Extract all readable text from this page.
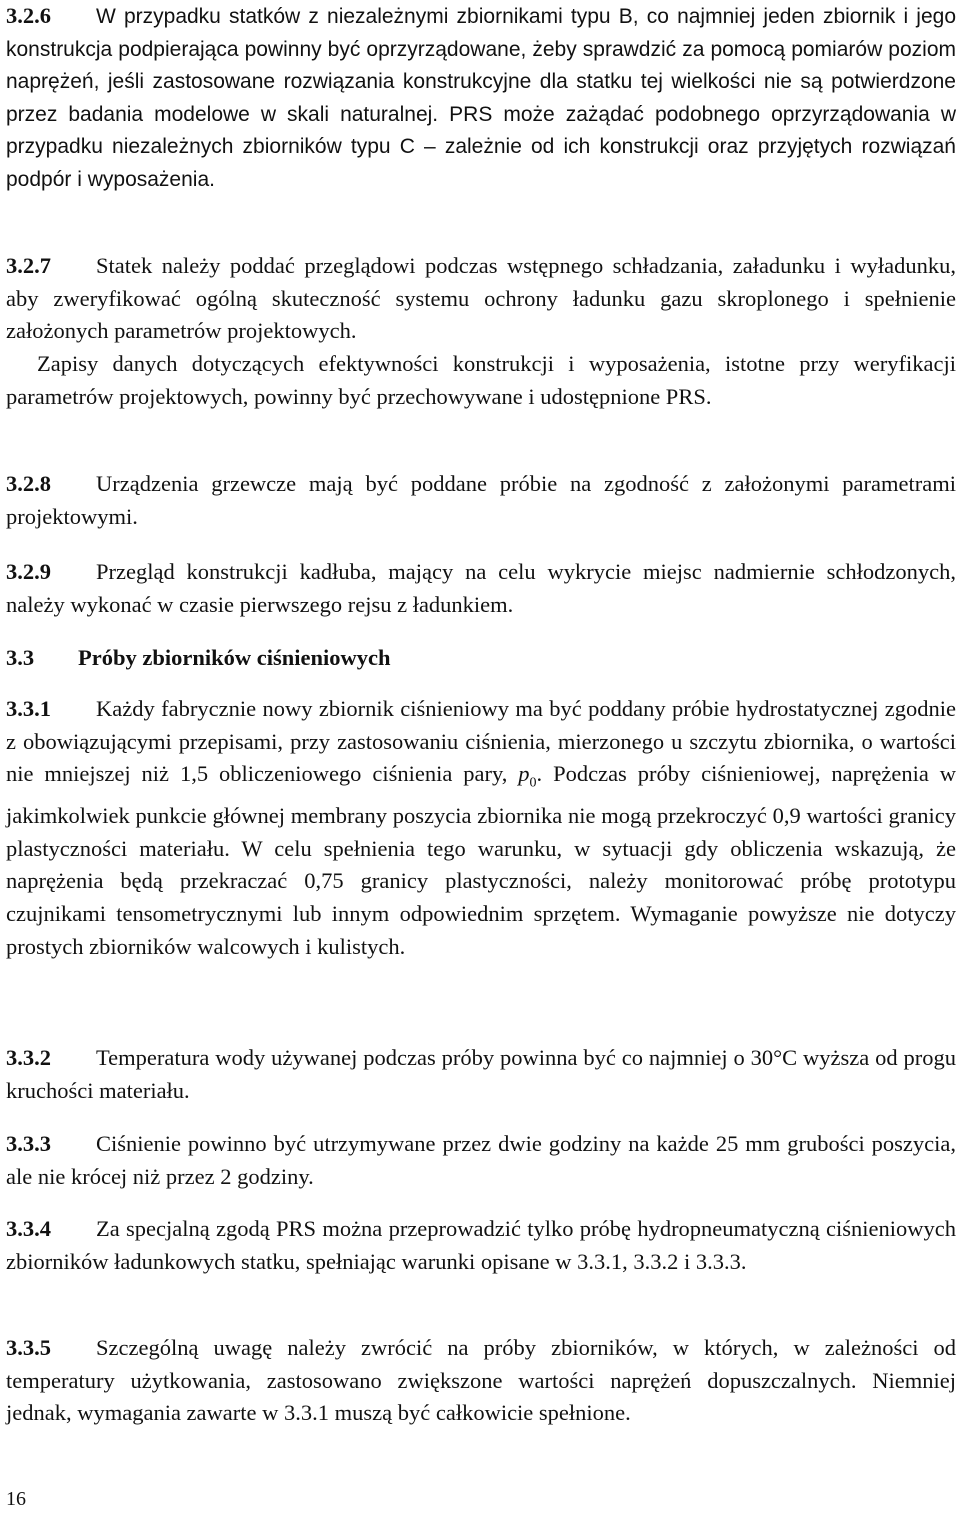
3.2.6 W przypadku statków z niezależnymi zbiornikami typu B, co najmniej jeden zbiornik i jego konstrukcja podpierająca powinny być oprzyrządowane, żeby sprawdzić za pomocą pomiarów poziom naprężeń, jeśli zastosowane rozwiązania konstrukcyjne dla statku tej wielkości nie są potwierdzone przez badania modelowe w skali naturalnej. PRS może zażądać podobnego oprzyrządowania w przypadku niezależnych zbiorników typu C – zależnie od ich konstrukcji oraz przyjętych rozwiązań podpór i wyposażenia.

3.2.7 Statek należy poddać przeglądowi podczas wstępnego schładzania, załadunku i wyładunku, aby zweryfikować ogólną skuteczność systemu ochrony ładunku gazu skroplonego i spełnienie założonych parametrów projektowych.

Zapisy danych dotyczących efektywności konstrukcji i wyposażenia, istotne przy weryfikacji parametrów projektowych, powinny być przechowywane i udostępnione PRS.

3.2.8 Urządzenia grzewcze mają być poddane próbie na zgodność z założonymi parametrami projektowymi.

3.2.9 Przegląd konstrukcji kadłuba, mający na celu wykrycie miejsc nadmiernie schłodzonych, należy wykonać w czasie pierwszego rejsu z ładunkiem.

3.3 Próby zbiorników ciśnieniowych

3.3.1 Każdy fabrycznie nowy zbiornik ciśnieniowy ma być poddany próbie hydrostatycznej zgodnie z obowiązującymi przepisami, przy zastosowaniu ciśnienia, mierzonego u szczytu zbiornika, o wartości nie mniejszej niż 1,5 obliczeniowego ciśnienia pary, $p_0$. Podczas próby ciśnieniowej, naprężenia w jakimkolwiek punkcie głównej membrany poszycia zbiornika nie mogą przekroczyć 0,9 wartości granicy plastyczności materiału. W celu spełnienia tego warunku, w sytuacji gdy obliczenia wskazują, że naprężenia będą przekraczać 0,75 granicy plastyczności, należy monitorować próbę prototypu czujnikami tensometrycznymi lub innym odpowiednim sprzętem. Wymaganie powyższe nie dotyczy prostych zbiorników walcowych i kulistych.

3.3.2 Temperatura wody używanej podczas próby powinna być co najmniej o 30°C wyższa od progu kruchości materiału.

3.3.3 Ciśnienie powinno być utrzymywane przez dwie godziny na każde 25 mm grubości poszycia, ale nie krócej niż przez 2 godziny.

3.3.4 Za specjalną zgodą PRS można przeprowadzić tylko próbę hydropneumatyczną ciśnieniowych zbiorników ładunkowych statku, spełniając warunki opisane w 3.3.1, 3.3.2 i 3.3.3.

3.3.5 Szczególną uwagę należy zwrócić na próby zbiorników, w których, w zależności od temperatury użytkowania, zastosowano zwiększone wartości naprężeń dopuszczalnych. Niemniej jednak, wymagania zawarte w 3.3.1 muszą być całkowicie spełnione.

16
